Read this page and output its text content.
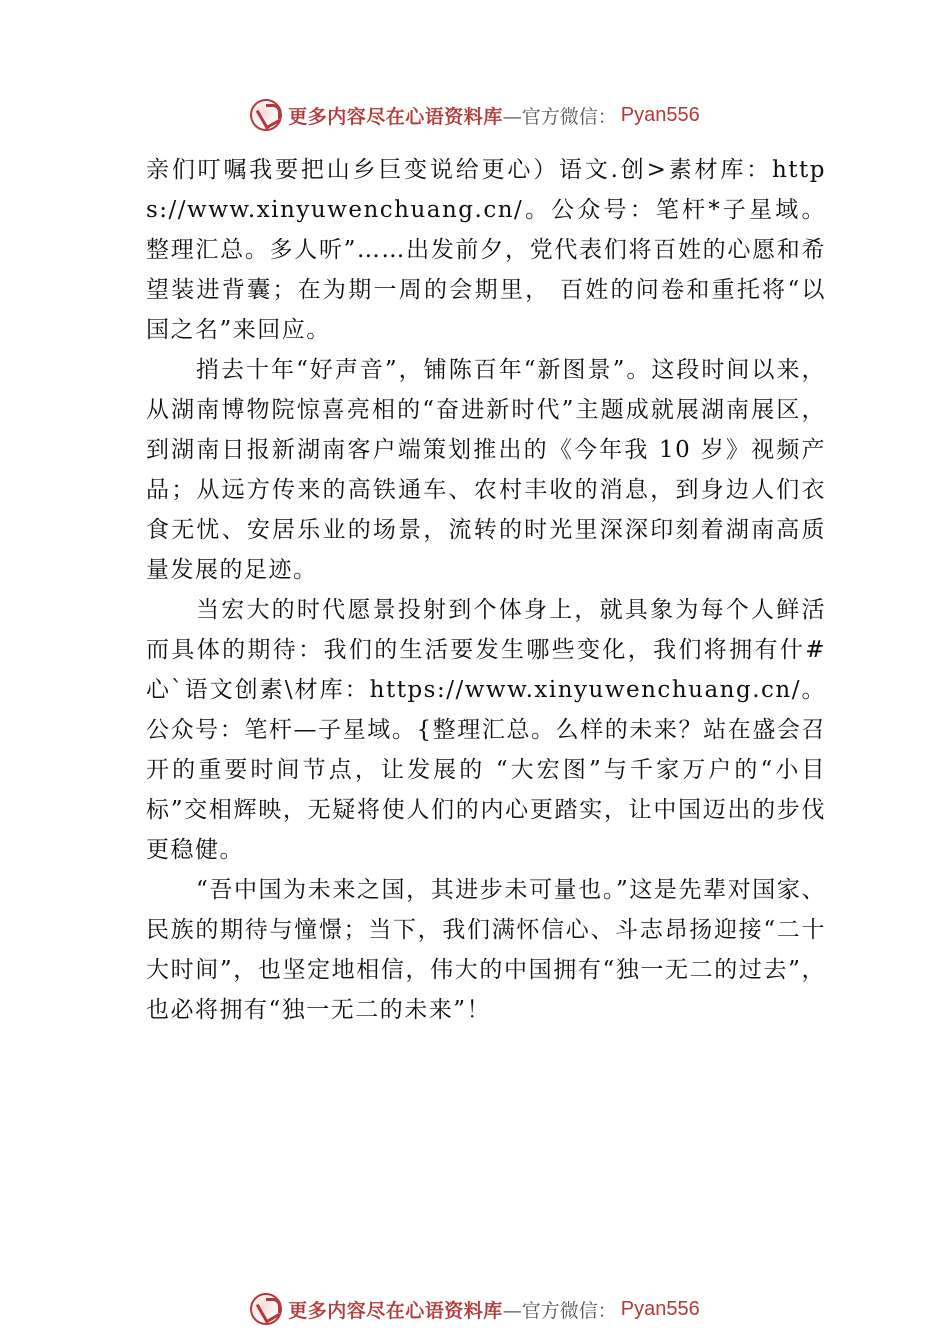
更多内容尽在心语资料库 —官方微信： Pyan556

亲们叮嘱我要把山乡巨变说给更心）语文.创>素材库：https://www.xinyuwenchuang.cn/。公众号：笔杆*子星域。整理汇总。多人听”……出发前夕，党代表们将百姓的心愿和希望装进背囊；在为期一周的会期里， 百姓的问卷和重托将“以国之名”来回应。

捎去十年“好声音”，铺陈百年“新图景”。这段时间以来，从湖南博物院惊喜亮相的“奋进新时代”主题成就展湖南展区，到湖南日报新湖南客户端策划推出的《今年我 10 岁》视频产品；从远方传来的高铁通车、农村丰收的消息，到身边人们衣食无忧、安居乐业的场景，流转的时光里深深印刻着湖南高质量发展的足迹。

当宏大的时代愿景投射到个体身上，就具象为每个人鲜活而具体的期待：我们的生活要发生哪些变化，我们将拥有什#心`语文创素\材库：https://www.xinyuwenchuang.cn/。公众号：笔杆—子星域。{整理汇总。么样的未来？站在盛会召开的重要时间节点，让发展的 “大宏图”与千家万户的“小目标”交相辉映，无疑将使人们的内心更踏实，让中国迈出的步伐更稳健。

“吾中国为未来之国，其进步未可量也。”这是先辈对国家、民族的期待与憧憬；当下，我们满怀信心、斗志昂扬迎接“二十大时间”，也坚定地相信，伟大的中国拥有“独一无二的过去”，也必将拥有“独一无二的未来”！

更多内容尽在心语资料库 —官方微信： Pyan556
